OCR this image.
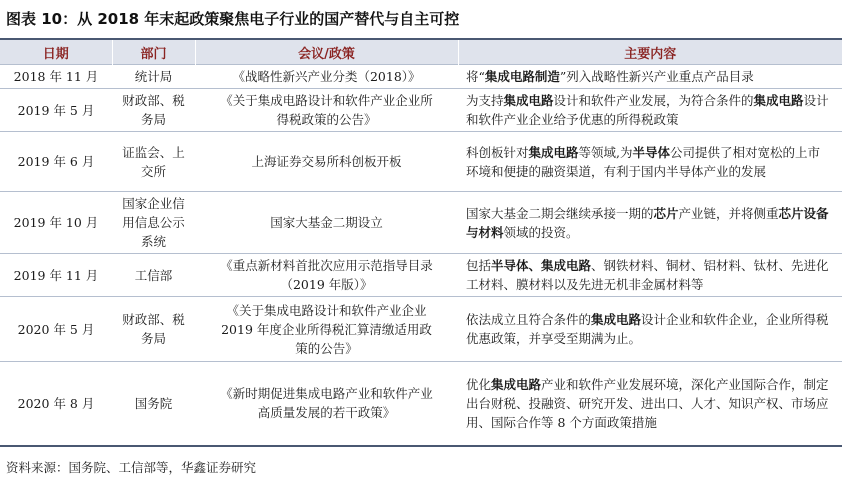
图表 10：从 2018 年末起政策聚焦电子行业的国产替代与自主可控
日期	部门	会议/政策	主要内容
2018 年 11 月	统计局	《战略性新兴产业分类（2018）》	将“集成电路制造”列入战略性新兴产业重点产品目录
2019 年 5 月	财政部、税务局	《关于集成电路设计和软件产业企业所得税政策的公告》	为支持集成电路设计和软件产业发展，为符合条件的集成电路设计和软件产业企业给予优惠的所得税政策
2019 年 6 月	证监会、上交所	上海证券交易所科创板开板	科创板针对集成电路等领域,为半导体公司提供了相对宽松的上市环境和便捷的融资渠道，有利于国内半导体产业的发展
2019 年 10 月	国家企业信用信息公示系统	国家大基金二期设立	国家大基金二期会继续承接一期的芯片产业链，并将侧重芯片设备与材料领域的投资。
2019 年 11 月	工信部	《重点新材料首批次应用示范指导目录（2019 年版）》	包括半导体、集成电路、钢铁材料、铜材、铝材料、钛材、先进化工材料、膜材料以及先进无机非金属材料等
2020 年 5 月	财政部、税务局	《关于集成电路设计和软件产业企业 2019 年度企业所得税汇算清缴适用政策的公告》	依法成立且符合条件的集成电路设计企业和软件企业，企业所得税优惠政策，并享受至期满为止。
2020 年 8 月	国务院	《新时期促进集成电路产业和软件产业高质量发展的若干政策》	优化集成电路产业和软件产业发展环境，深化产业国际合作，制定出台财税、投融资、研究开发、进出口、人才、知识产权、市场应用、国际合作等 8 个方面政策措施
资料来源：国务院、工信部等，华鑫证券研究
